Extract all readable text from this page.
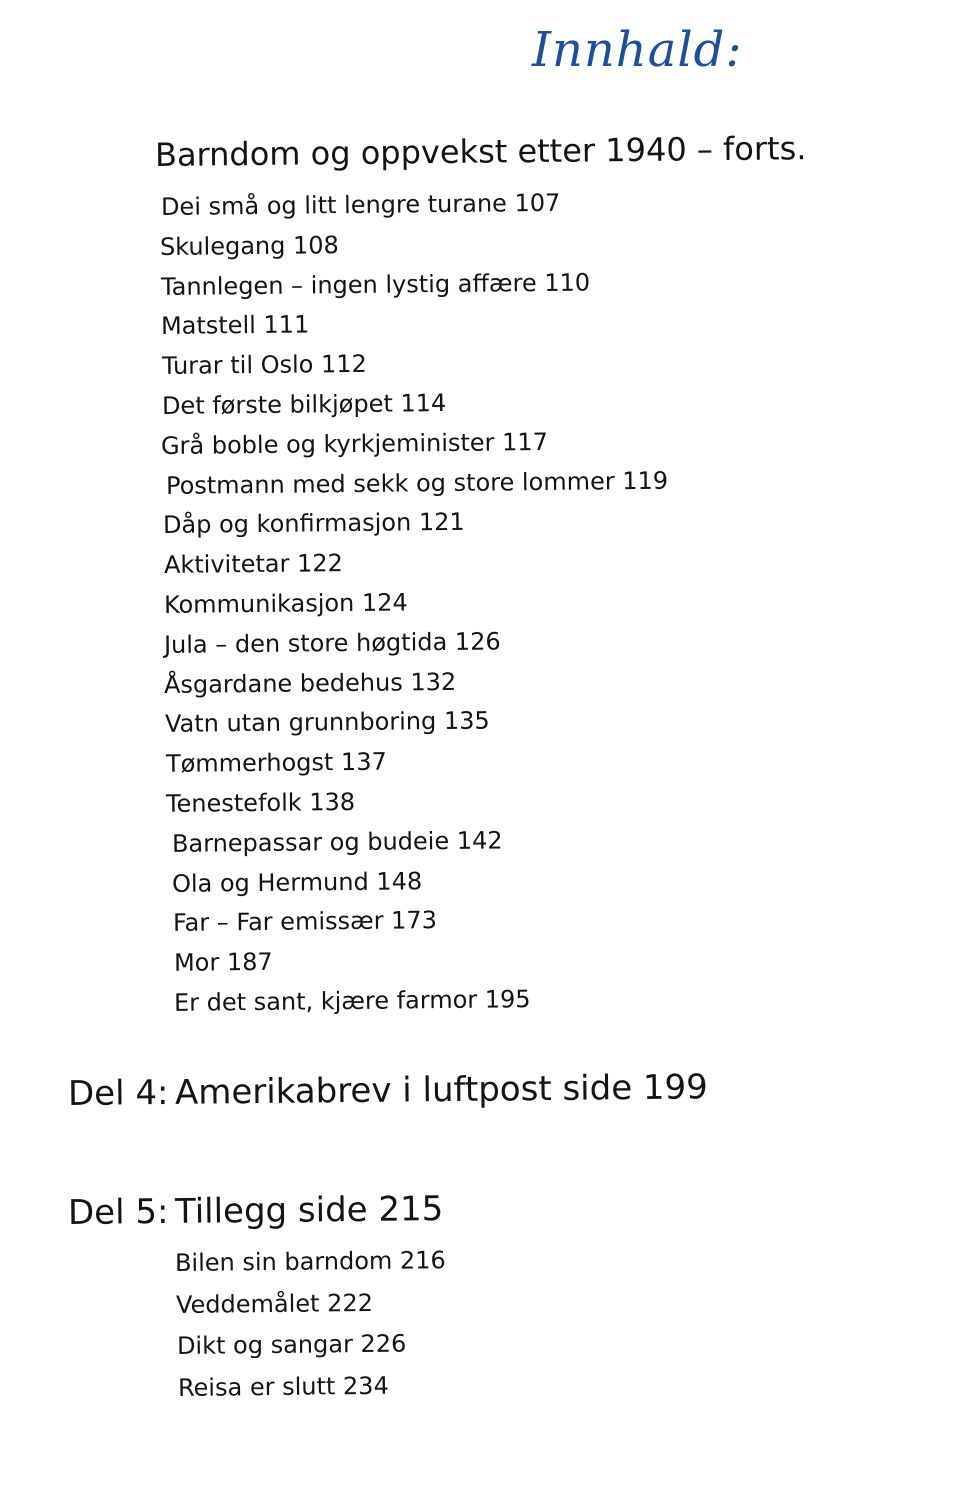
Innhald:
Barndom og oppvekst etter 1940 – forts.
Dei små og litt lengre turane 107
Skulegang 108
Tannlegen – ingen lystig affære 110
Matstell 111
Turar til Oslo 112
Det første bilkjøpet 114
Grå boble og kyrkjeminister 117
Postmann med sekk og store lommer 119
Dåp og konfirmasjon 121
Aktivitetar 122
Kommunikasjon 124
Jula – den store høgtida 126
Åsgardane bedehus 132
Vatn utan grunnboring 135
Tømmerhogst 137
Tenestefolk 138
Barnepassar og budeie 142
Ola og Hermund 148
Far – Far emissær 173
Mor 187
Er det sant, kjære farmor 195
Del 4: Amerikabrev i luftpost side 199
Del 5: Tillegg side 215
Bilen sin barndom 216
Veddemålet 222
Dikt og sangar 226
Reisa er slutt 234
